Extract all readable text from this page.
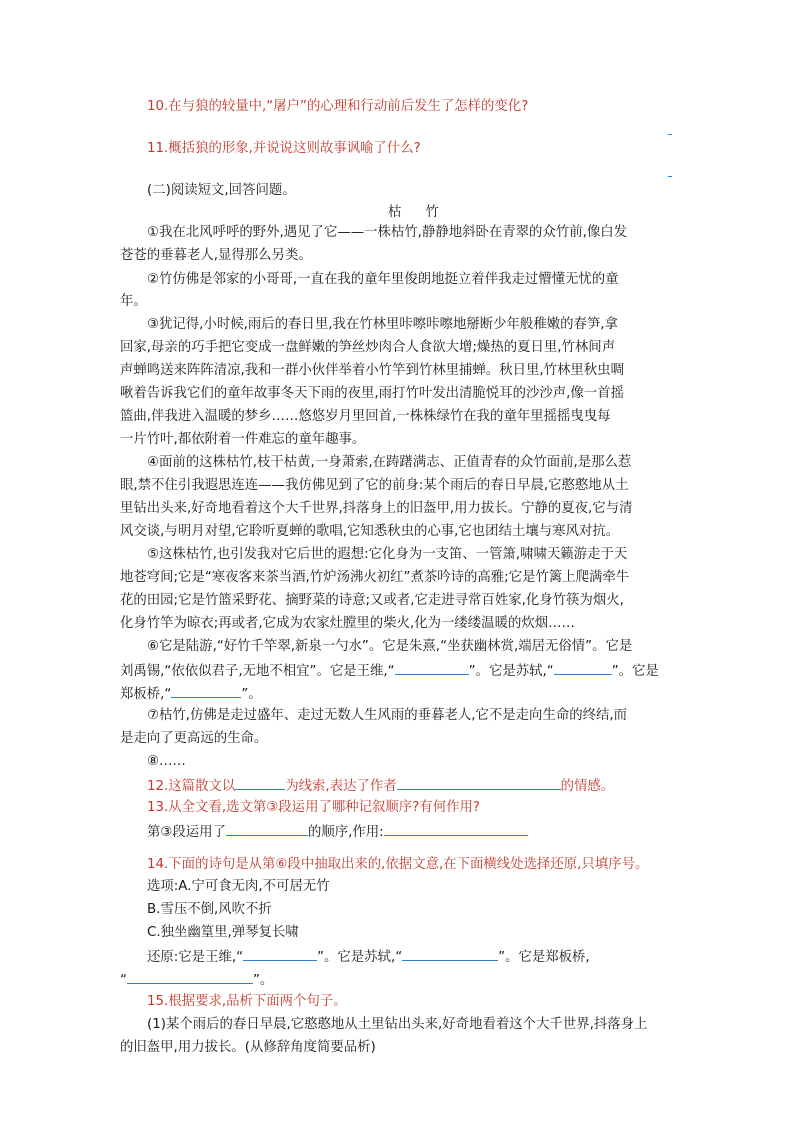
10.在与狼的较量中,“屠户”的心理和行动前后发生了怎样的变化?
11.概括狼的形象,并说说这则故事讽喻了什么?
(二)阅读短文,回答问题。
枯竹
①我在北风呼呼的野外,遇见了它——一株枯竹,静静地斜卧在青翠的众竹前,像白发
苍苍的垂暮老人,显得那么另类。
②竹仿佛是邻家的小哥哥,一直在我的童年里俊朗地挺立着伴我走过懵懂无忧的童
年。
③犹记得,小时候,雨后的春日里,我在竹林里咔嚓咔嚓地掰断少年般稚嫩的春笋,拿
回家,母亲的巧手把它变成一盘鲜嫩的笋丝炒肉合人食欲大增;燥热的夏日里,竹林间声
声蝉鸣送来阵阵清凉,我和一群小伙伴举着小竹竿到竹林里捕蝉。秋日里,竹林里秋虫啁
啾着告诉我它们的童年故事冬天下雨的夜里,雨打竹叶发出清脆悦耳的沙沙声,像一首摇
篮曲,伴我进入温暖的梦乡……悠悠岁月里回首,一株株绿竹在我的童年里摇摇曳曳每
一片竹叶,都依附着一件难忘的童年趣事。
④面前的这株枯竹,枝干枯黄,一身萧索,在踌躇满志、正值青春的众竹面前,是那么惹
眼,禁不住引我遐思连连——我仿佛见到了它的前身:某个雨后的春日早晨,它憨憨地从土
里钻出头来,好奇地看着这个大千世界,抖落身上的旧盔甲,用力拔长。宁静的夏夜,它与清
风交谈,与明月对望,它聆听夏蝉的歌唱,它知悉秋虫的心事,它也团结土壤与寒风对抗。
⑤这株枯竹,也引发我对它后世的遐想:它化身为一支笛、一管箫,啸啸天籁游走于天
地苍穹间;它是“寒夜客来茶当酒,竹炉汤沸火初红”煮茶吟诗的高雅;它是竹篱上爬满牵牛
花的田园;它是竹篮采野花、摘野菜的诗意;又或者,它走进寻常百姓家,化身竹筷为烟火,
化身竹竿为晾衣;再或者,它成为农家灶膛里的柴火,化为一缕缕温暖的炊烟……
⑥它是陆游,“好竹千竿翠,新泉一勺水”。它是朱熹,“坐获幽林赏,端居无俗情”。它是
刘禹锡,“依依似君子,无地不相宜”。它是王维,“	”。它是苏轼,“	”。它是
郑板桥,“	”。
⑦枯竹,仿佛是走过盛年、走过无数人生风雨的垂暮老人,它不是走向生命的终结,而
是走向了更高远的生命。
⑧……
12.这篇散文以	为线索,表达了作者	的情感。
13.从全文看,选文第③段运用了哪种记叙顺序?有何作用?
第③段运用了	的顺序,作用:
14.下面的诗句是从第⑥段中抽取出来的,依据文意,在下面横线处选择还原,只填序号。
选项:A.宁可食无肉,不可居无竹
B.雪压不倒,风吹不折
C.独坐幽篁里,弹琴复长啸
还原:它是王维,“	”。它是苏轼,“	”。它是郑板桥,
“	”。
15.根据要求,品析下面两个句子。
(1)某个雨后的春日早晨,它憨憨地从土里钻出头来,好奇地看着这个大千世界,抖落身上
的旧盔甲,用力拔长。(从修辞角度简要品析)
